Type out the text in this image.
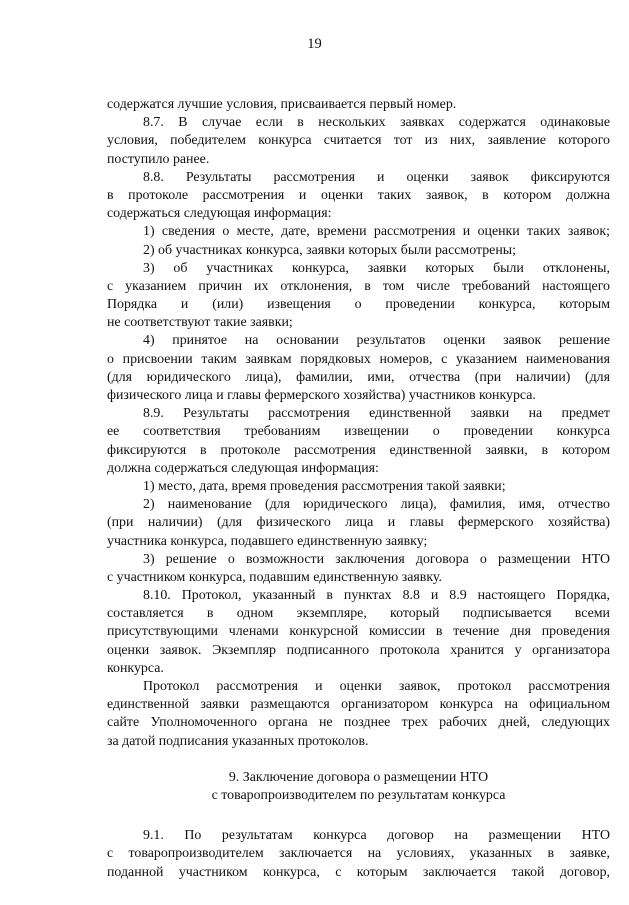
19
содержатся лучшие условия, присваивается первый номер.
8.7. В случае если в нескольких заявках содержатся одинаковые
условия, победителем конкурса считается тот из них, заявление которого
поступило ранее.
8.8. Результаты рассмотрения и оценки заявок фиксируются
в протоколе рассмотрения и оценки таких заявок, в котором должна
содержаться следующая информация:
1) сведения о месте, дате, времени рассмотрения и оценки таких заявок;
2) об участниках конкурса, заявки которых были рассмотрены;
3) об участниках конкурса, заявки которых были отклонены,
с указанием причин их отклонения, в том числе требований настоящего
Порядка и (или) извещения о проведении конкурса, которым
не соответствуют такие заявки;
4) принятое на основании результатов оценки заявок решение
о присвоении таким заявкам порядковых номеров, с указанием наименования
(для юридического лица), фамилии, ими, отчества (при наличии) (для
физического лица и главы фермерского хозяйства) участников конкурса.
8.9. Результаты рассмотрения единственной заявки на предмет
ее соответствия требованиям извещении о проведении конкурса
фиксируются в протоколе рассмотрения единственной заявки, в котором
должна содержаться следующая информация:
1) место, дата, время проведения рассмотрения такой заявки;
2) наименование (для юридического лица), фамилия, имя, отчество
(при наличии) (для физического лица и главы фермерского хозяйства)
участника конкурса, подавшего единственную заявку;
3) решение о возможности заключения договора о размещении НТО
с участником конкурса, подавшим единственную заявку.
8.10. Протокол, указанный в пунктах 8.8 и 8.9 настоящего Порядка,
составляется в одном экземпляре, который подписывается всеми
присутствующими членами конкурсной комиссии в течение дня проведения
оценки заявок. Экземпляр подписанного протокола хранится у организатора
конкурса.
Протокол рассмотрения и оценки заявок, протокол рассмотрения
единственной заявки размещаются организатором конкурса на официальном
сайте Уполномоченного органа не позднее трех рабочих дней, следующих
за датой подписания указанных протоколов.
9. Заключение договора о размещении НТО
с товаропроизводителем по результатам конкурса
9.1. По результатам конкурса договор на размещении НТО
с товаропроизводителем заключается на условиях, указанных в заявке,
поданной участником конкурса, с которым заключается такой договор,
